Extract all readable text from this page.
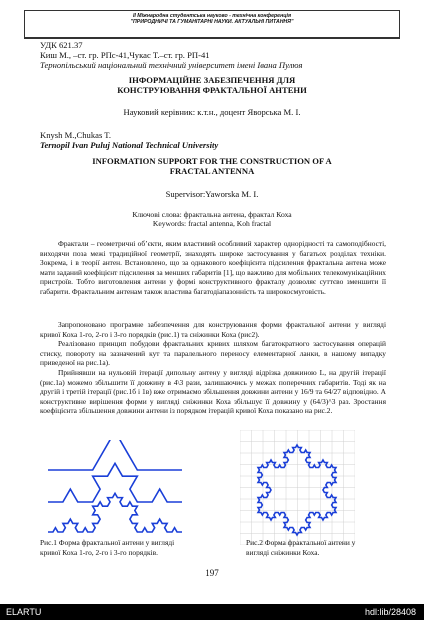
ІІ Міжнародна студентська науково - технічна конференція
"ПРИРОДНИЧІ ТА ГУМАНІТАРНІ НАУКИ. АКТУАЛЬНІ ПИТАННЯ"
УДК 621.37
Киш М., –ст. гр. РПс-41,Чукас Т.–ст. гр. РП-41
Тернопільський національний технічний університет імені Івана Пулюя
ІНФОРМАЦІЙНЕ ЗАБЕЗПЕЧЕННЯ ДЛЯ
КОНСТРУЮВАННЯ ФРАКТАЛЬНОЇ АНТЕНИ
Науковий керівник: к.т.н., доцент Яворська М. І.
Knysh M.,Chukas T.
Ternopil Ivan Puluj National Technical University
INFORMATION SUPPORT FOR THE CONSTRUCTION OF A
FRACTAL ANTENNA
Supervisor:Yaworska M. I.
Ключові слова: фрактальна антена, фрактал Коха
Keywords: fractal antenna, Koh fractal
Фрактали – геометричні об’єкти, яким властивий особливий характер однорідності та самоподібності, виходячи поза межі традиційної геометрії, знаходять широке застосування у багатьох розділах техніки. Зокрема, і в теорії антен. Встановлено, що за однакового коефіцієнта підсилення фрактальна антена може мати заданий коефіцієнт підсилення за менших габаритів [1], що важливо для мобільних телекомунікаційних пристроїв. Тобто виготовлення антени у формі конструктивного фракталу дозволяє суттєво зменшити її габарити. Фрактальним антенам також властива багатодіапазонність та широкосмуговість.
Запропоновано програмне забезпечення для конструювання форми фрактальної антени у вигляді кривої Коха 1-го, 2-го і 3-го порядків (рис.1) та сніжинки Коха (рис2).
Реалізовано принцип побудови фрактальних кривих шляхом багатократного застосування операцій стиску, повороту на зазначений кут та паралельного переносу елементарної ланки, в нашому випадку приведеної на рис.1а).
Прийнявши на нульовій ітерації дипольну антену у вигляді відрізка довжиною L, на другій ітерації (рис.1а) можемо збільшити її довжину в 4\3 рази, залишаючись у межах поперечних габаритів. Тоді як на другій і третій ітерації (рис.1б і 1в) вже отримаємо збільшення довжини антени у 16/9 та 64/27 відповідно. А конструктивне вирішення форми у вигляді сніжинки Коха збільшує її довжину у (64/3)^3 раз. Зростання коефіцієнта збільшення довжини антени із порядком ітерацій кривої Коха показано на рис.2.
Рис.1 Форма фрактальної антени у вигляді
кривої Коха 1-го, 2-го і 3-го порядків.
Рис.2 Форма фрактальної антени у
вигляді сніжинки Коха.
197
ELARTU	hdl:lib/28408
